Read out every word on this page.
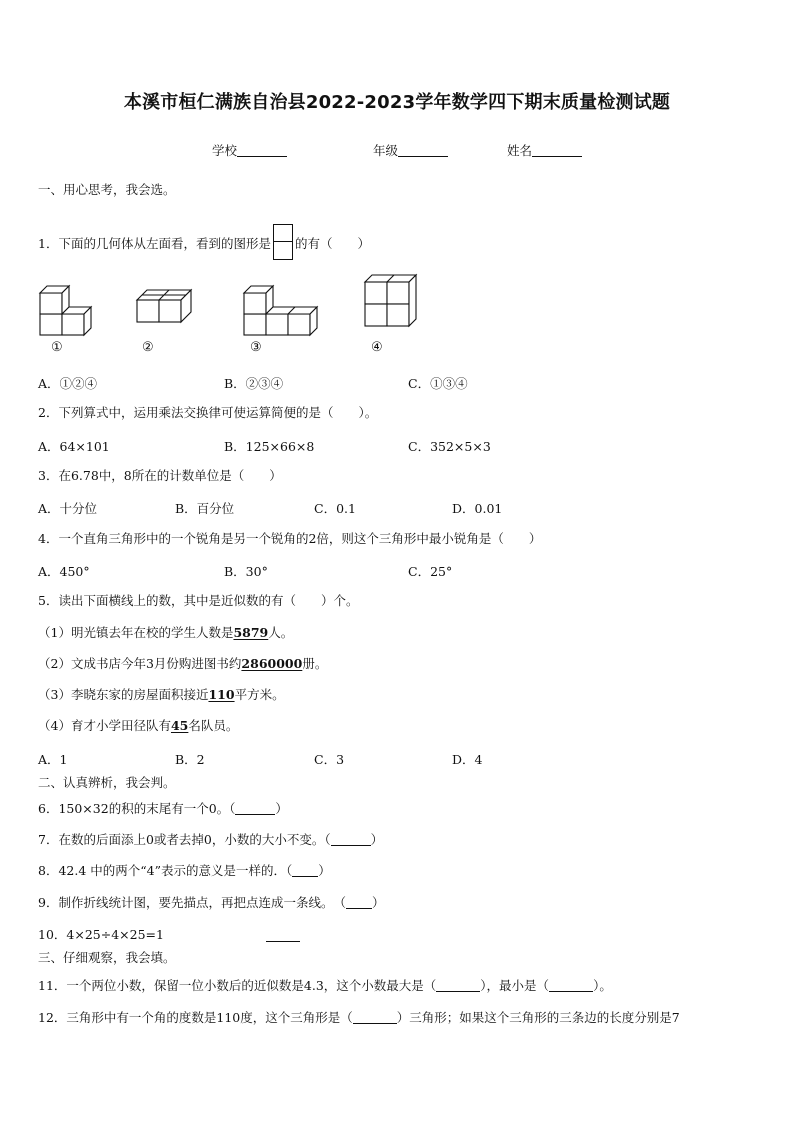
本溪市桓仁满族自治县2022-2023学年数学四下期末质量检测试题
学校	年级	姓名
一、用心思考，我会选。
1．下面的几何体从左面看，看到的图形是 的有（　　）
①	②	③	④
A．①②④	B．②③④	C．①③④
2．下列算式中，运用乘法交换律可使运算简便的是（　　）。
A．64×101	B．125×66×8	C．352×5×3
3．在6.78中，8所在的计数单位是（　　）
A．十分位	B．百分位	C．0.1	D．0.01
4．一个直角三角形中的一个锐角是另一个锐角的2倍，则这个三角形中最小锐角是（　　）
A．450°	B．30°	C．25°
5．读出下面横线上的数，其中是近似数的有（　　）个。
（1）明光镇去年在校的学生人数是5879人。
（2）文成书店今年3月份购进图书约2860000册。
（3）李晓东家的房屋面积接近110平方米。
（4）育才小学田径队有45名队员。
A．1	B．2	C．3	D．4
二、认真辨析，我会判。
6．150×32的积的末尾有一个0。（	）
7．在数的后面添上0或者去掉0，小数的大小不变。（	）
8．42.4 中的两个“4”表示的意义是一样的．（ ）
9．制作折线统计图，要先描点，再把点连成一条线。　（ ）
10．4×25÷4×25=1
三、仔细观察，我会填。
11．一个两位小数，保留一位小数后的近似数是4.3，这个小数最大是（	），最小是（	）。
12．三角形中有一个角的度数是110度，这个三角形是（	）三角形；如果这个三角形的三条边的长度分别是7
